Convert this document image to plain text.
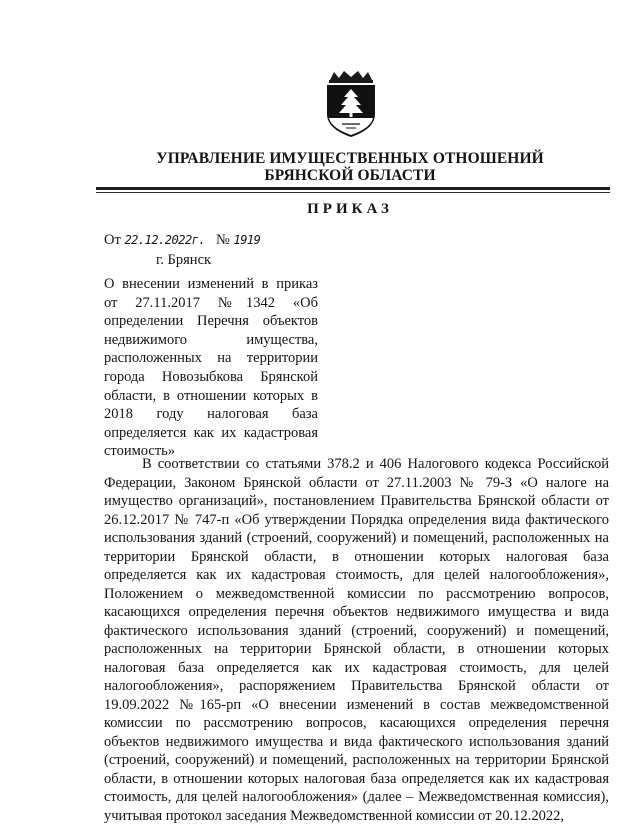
УПРАВЛЕНИЕ ИМУЩЕСТВЕННЫХ ОТНОШЕНИЙ
БРЯНСКОЙ ОБЛАСТИ
ПРИКАЗ
От 22.12.2022г. № 1919
г. Брянск
О внесении изменений в приказ от 27.11.2017 №1342 «Об определении Перечня объектов недвижимого имущества, расположенных на территории города Новозыбкова Брянской области, в отношении которых в 2018 году налоговая база определяется как их кадастровая стоимость»
В соответствии со статьями 378.2 и 406 Налогового кодекса Российской Федерации, Законом Брянской области от 27.11.2003 № 79-З «О налоге на имущество организаций», постановлением Правительства Брянской области от 26.12.2017 № 747-п «Об утверждении Порядка определения вида фактического использования зданий (строений, сооружений) и помещений, расположенных на территории Брянской области, в отношении которых налоговая база определяется как их кадастровая стоимость, для целей налогообложения», Положением о межведомственной комиссии по рассмотрению вопросов, касающихся определения перечня объектов недвижимого имущества и вида фактического использования зданий (строений, сооружений) и помещений, расположенных на территории Брянской области, в отношении которых налоговая база определяется как их кадастровая стоимость, для целей налогообложения», распоряжением Правительства Брянской области от 19.09.2022 №165-рп «О внесении изменений в состав межведомственной комиссии по рассмотрению вопросов, касающихся определения перечня объектов недвижимого имущества и вида фактического использования зданий (строений, сооружений) и помещений, расположенных на территории Брянской области, в отношении которых налоговая база определяется как их кадастровая стоимость, для целей налогообложения» (далее – Межведомственная комиссия), учитывая протокол заседания Межведомственной комиссии от 20.12.2022,
